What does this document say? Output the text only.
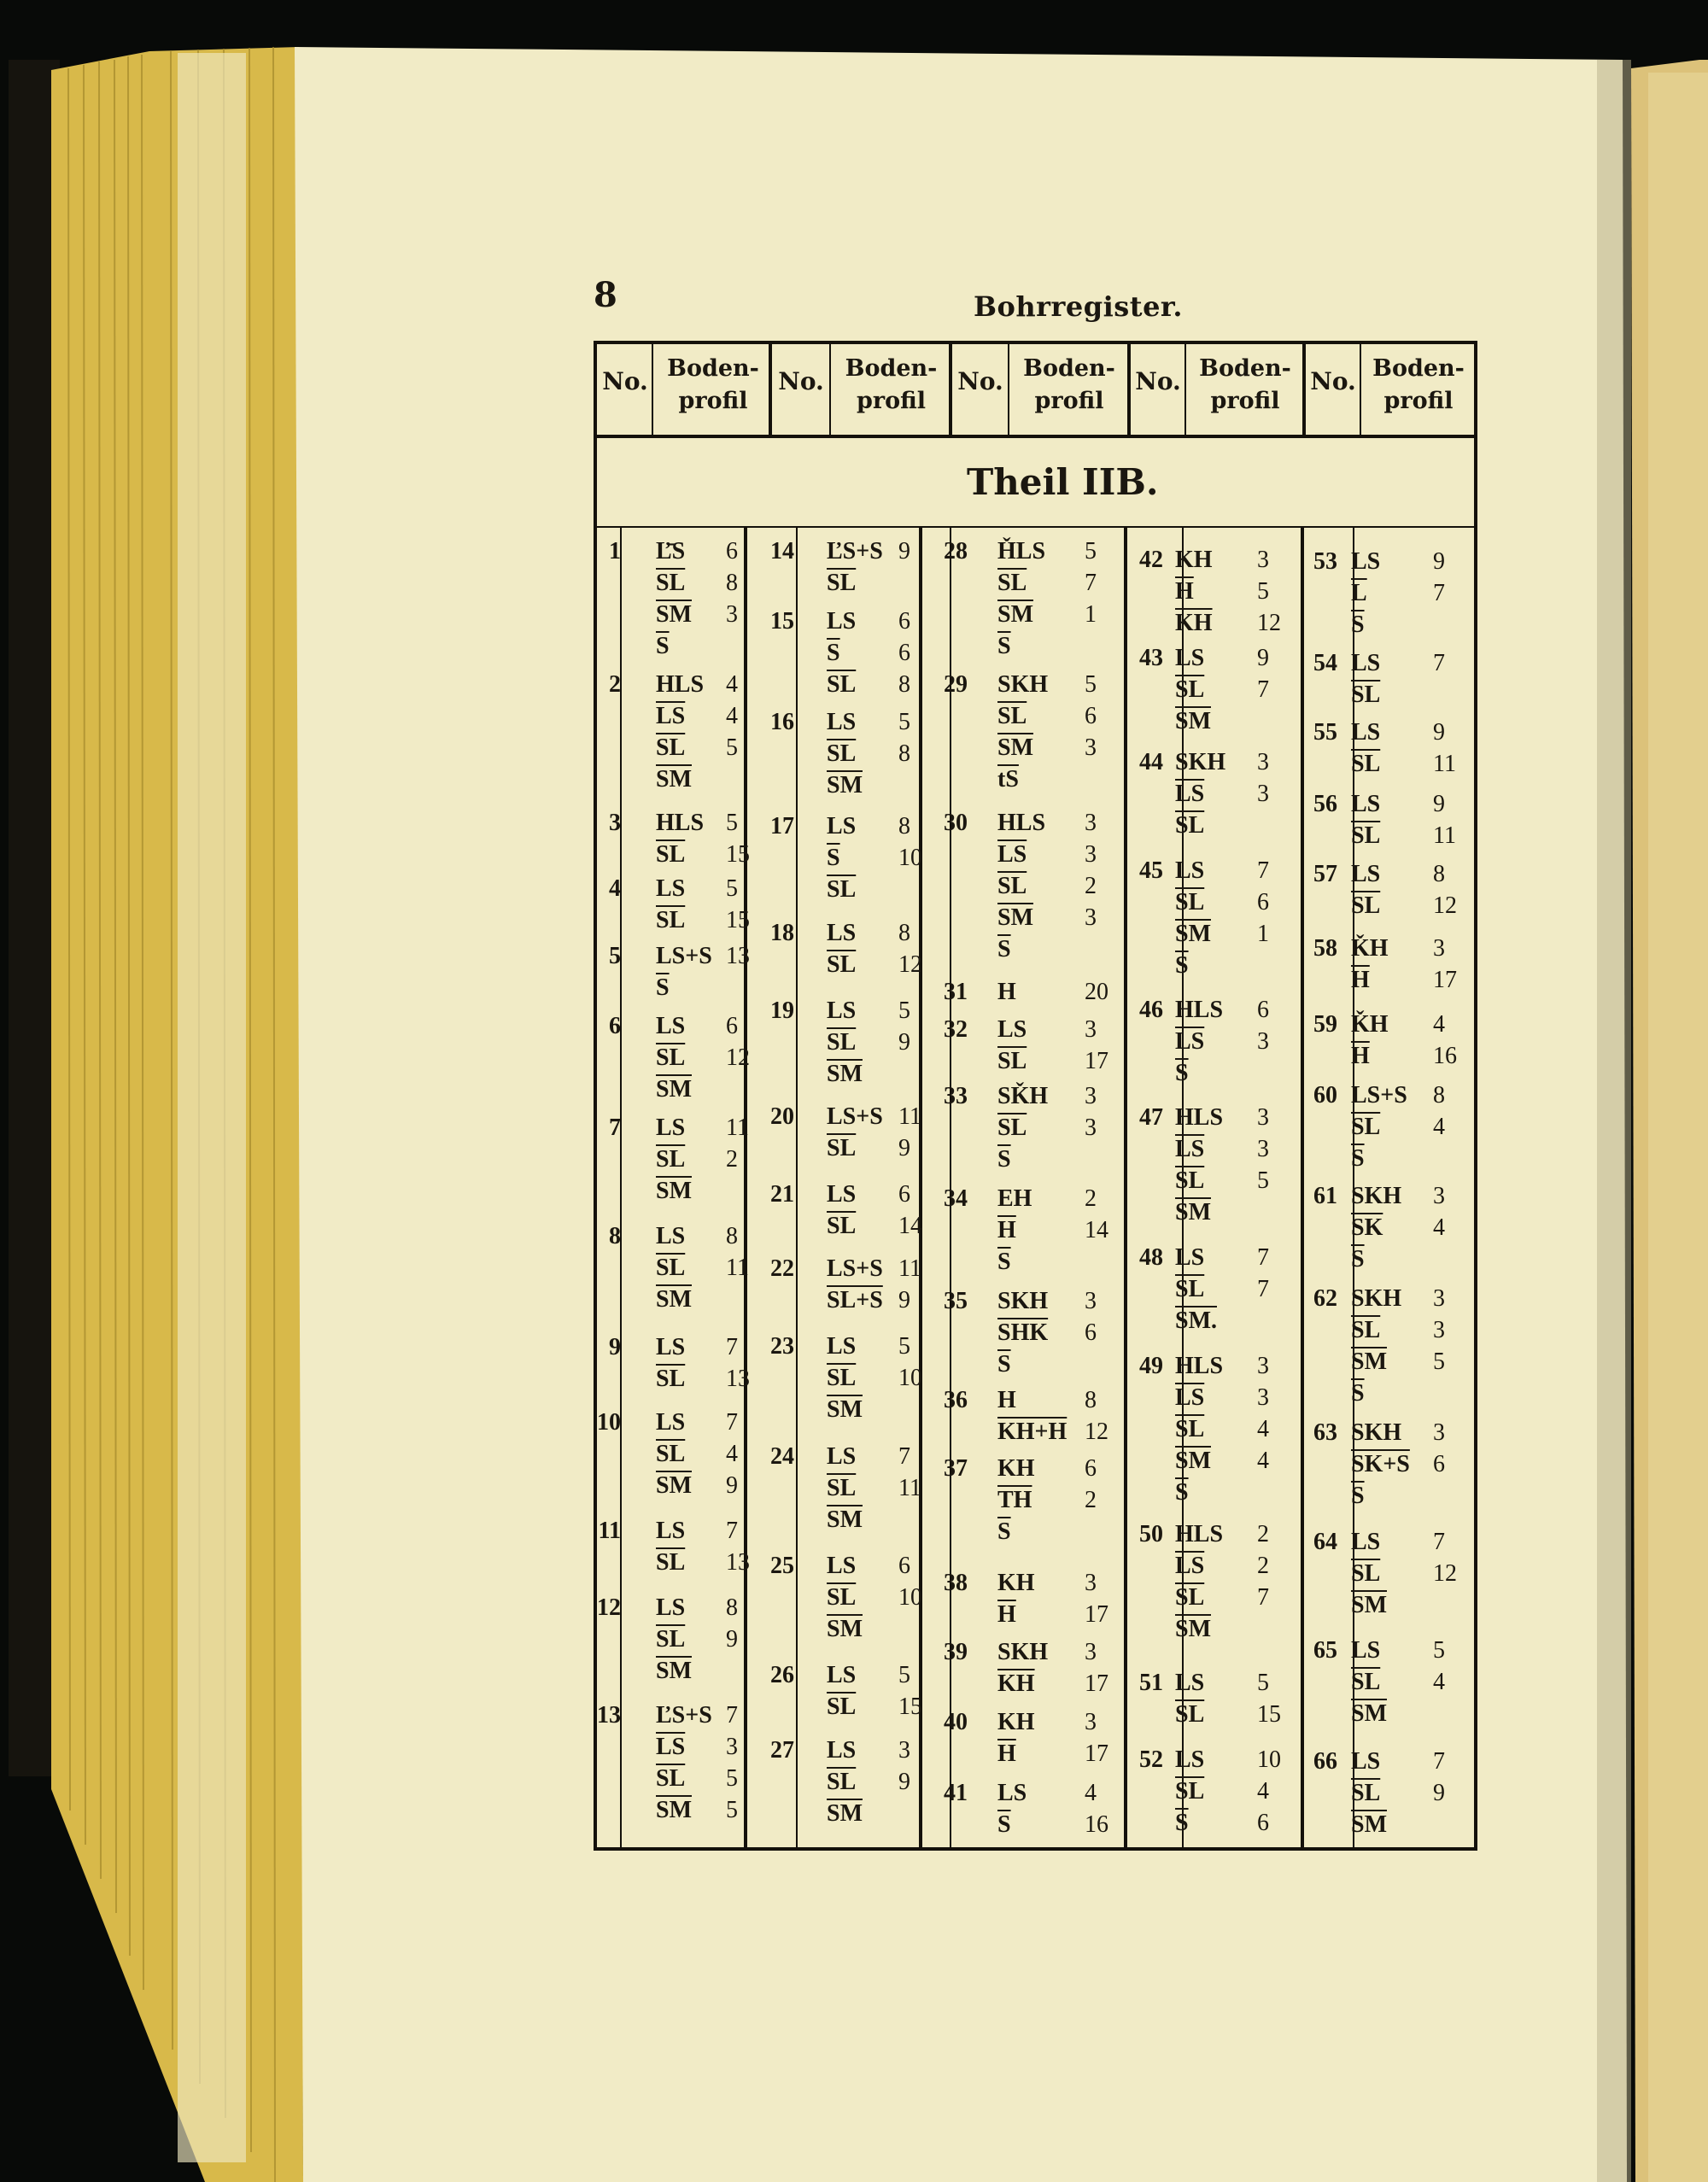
8	Bohrregister.
No. Boden-
profil
No. Boden-
profil
No. Boden-
profil
No. Boden-
profil
No. Boden-
profil
Theil IIB.
1 Ľ̄S 6
$\overline{SL}$ 8
$\overline{SM}$ 3
$\overline{S}$
2 HLS 4
$\overline{LS}$ 4
$\overline{SL}$ 5
$\overline{SM}$
3 HLS 5
$\overline{SL}$ 15
4 LS 5
$\overline{SL}$ 15
5 LS+S 13
$\overline{S}$
6 LS 6
$\overline{SL}$ 12
$\overline{SM}$
7 LS 11
$\overline{SL}$ 2
$\overline{SM}$
8 LS 8
$\overline{SL}$ 11
$\overline{SM}$
9 LS 7
$\overline{SL}$ 13
10 LS 7
$\overline{SL}$ 4
$\overline{SM}$ 9
11 LS 7
$\overline{SL}$ 13
12 LS 8
$\overline{SL}$ 9
$\overline{SM}$
13 ĽS+S 7
$\overline{LS}$ 3
$\overline{SL}$ 5
$\overline{SM}$ 5
14 ĽS+S 9
$\overline{SL}$
15 LS 6
$\overline{S}$ 6
$\overline{SL}$ 8
16 LS 5
$\overline{SL}$ 8
$\overline{SM}$
17 LS 8
$\overline{S}$ 10
$\overline{SL}$
18 LS 8
$\overline{SL}$ 12
19 LS 5
$\overline{SL}$ 9
$\overline{SM}$
20 LS+S 11
$\overline{SL}$ 9
21 LS 6
$\overline{SL}$ 14
22 LS+S 11
SL+S 9
23 LS 5
$\overline{SL}$ 10
$\overline{SM}$
24 LS 7
$\overline{SL}$ 11
$\overline{SM}$
25 LS 6
$\overline{SL}$ 10
$\overline{SM}$
26 LS 5
$\overline{SL}$ 15
27 LS 3
$\overline{SL}$ 9
$\overline{SM}$
28 ȞLS 5
$\overline{SL}$ 7
$\overline{SM}$ 1
$\overline{S}$
29 SKH 5
$\overline{SL}$ 6
$\overline{SM}$ 3
$\overline{tS}$
30 HLS 3
$\overline{LS}$ 3
$\overline{SL}$ 2
$\overline{SM}$ 3
$\overline{S}$
31 H	20
32 LS 3
$\overline{SL}$ 17
33 SǨH 3
$\overline{SL}$ 3
$\overline{S}$
34 EH 2
$\overline{H}$	14
$\overline{S}$
35 SKH 3
$\overline{SHK}$ 6
$\overline{S}$
36 H	8
KH+H 12
37 KH 6
$\overline{TH}$ 2
$\overline{S}$
38 KH 3
$\overline{H}$	17
39 SKH 3
$\overline{KH}$ 17
40 KH 3
$\overline{H}$	17
41 LS 4
$\overline{S}$	16
42 KH 3
$\overline{H}$	5
$\overline{KH}$ 12
43 LS 9
$\overline{SL}$ 7
$\overline{SM}$
44 SKH 3
$\overline{LS}$ 3
$\overline{SL}$
45 LS 7
$\overline{SL}$ 6
$\overline{SM}$ 1
$\overline{S}$
46 HLS 6
$\overline{LS}$ 3
$\overline{S}$
47 HLS 3
$\overline{LS}$ 3
$\overline{SL}$ 5
$\overline{SM}$
48 LS 7
$\overline{SL}$ 7
SM.
49 HLS 3
$\overline{LS}$ 3
$\overline{SL}$ 4
$\overline{SM}$ 4
$\overline{S}$
50 HLS 2
$\overline{LS}$ 2
$\overline{SL}$ 7
$\overline{SM}$
51 LS 5
$\overline{SL}$ 15
52 LS 10
$\overline{SL}$ 4
$\overline{S}$	6
53 LS 9
$\overline{L}$	7
$\overline{S}$
54 LS 7
$\overline{SL}$
55 LS 9
$\overline{SL}$ 11
56 LS 9
$\overline{SL}$ 11
57 LS 8
$\overline{SL}$ 12
58 ǨH 3
$\overline{H}$	17
59 ǨH 4
$\overline{H}$	16
60 LS+S 8
$\overline{SL}$ 4
$\overline{S}$
61 SKH 3
$\overline{SK}$ 4
$\overline{S}$
62 SKH 3
$\overline{SL}$ 3
$\overline{SM}$ 5
$\overline{S}$
63 SKH 3
SK+S 6
$\overline{S}$
64 LS 7
$\overline{SL}$ 12
$\overline{SM}$
65 LS 5
$\overline{SL}$ 4
$\overline{SM}$
66 LS 7
$\overline{SL}$ 9
$\overline{SM}$
